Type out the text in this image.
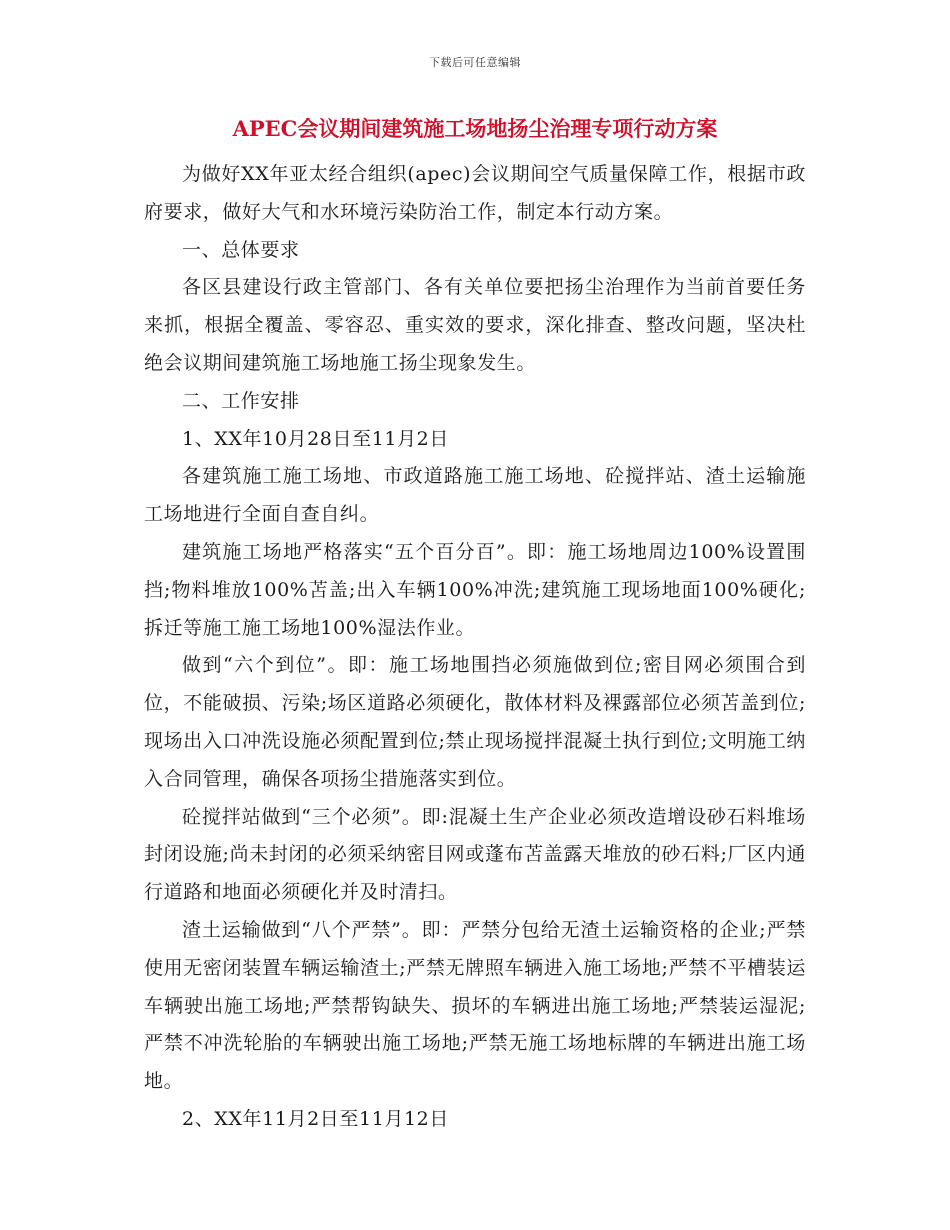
下载后可任意编辑
APEC会议期间建筑施工场地扬尘治理专项行动方案

为做好XX年亚太经合组织(apec)会议期间空气质量保障工作，根据市政府要求，做好大气和水环境污染防治工作，制定本行动方案。

一、总体要求

各区县建设行政主管部门、各有关单位要把扬尘治理作为当前首要任务来抓，根据全覆盖、零容忍、重实效的要求，深化排查、整改问题，坚决杜绝会议期间建筑施工场地施工扬尘现象发生。

二、工作安排

1、XX年10月28日至11月2日

各建筑施工施工场地、市政道路施工施工场地、砼搅拌站、渣土运输施工场地进行全面自查自纠。

建筑施工场地严格落实“五个百分百”。即：施工场地周边100%设置围挡;物料堆放100%苫盖;出入车辆100%冲洗;建筑施工现场地面100%硬化;拆迁等施工施工场地100%湿法作业。

做到“六个到位”。即：施工场地围挡必须施做到位;密目网必须围合到位，不能破损、污染;场区道路必须硬化，散体材料及裸露部位必须苫盖到位;现场出入口冲洗设施必须配置到位;禁止现场搅拌混凝土执行到位;文明施工纳入合同管理，确保各项扬尘措施落实到位。

砼搅拌站做到“三个必须”。即:混凝土生产企业必须改造增设砂石料堆场封闭设施;尚未封闭的必须采纳密目网或蓬布苫盖露天堆放的砂石料;厂区内通行道路和地面必须硬化并及时清扫。

渣土运输做到“八个严禁”。即：严禁分包给无渣土运输资格的企业;严禁使用无密闭装置车辆运输渣土;严禁无牌照车辆进入施工场地;严禁不平槽装运车辆驶出施工场地;严禁帮钩缺失、损坏的车辆进出施工场地;严禁装运湿泥;严禁不冲洗轮胎的车辆驶出施工场地;严禁无施工场地标牌的车辆进出施工场地。

2、XX年11月2日至11月12日
